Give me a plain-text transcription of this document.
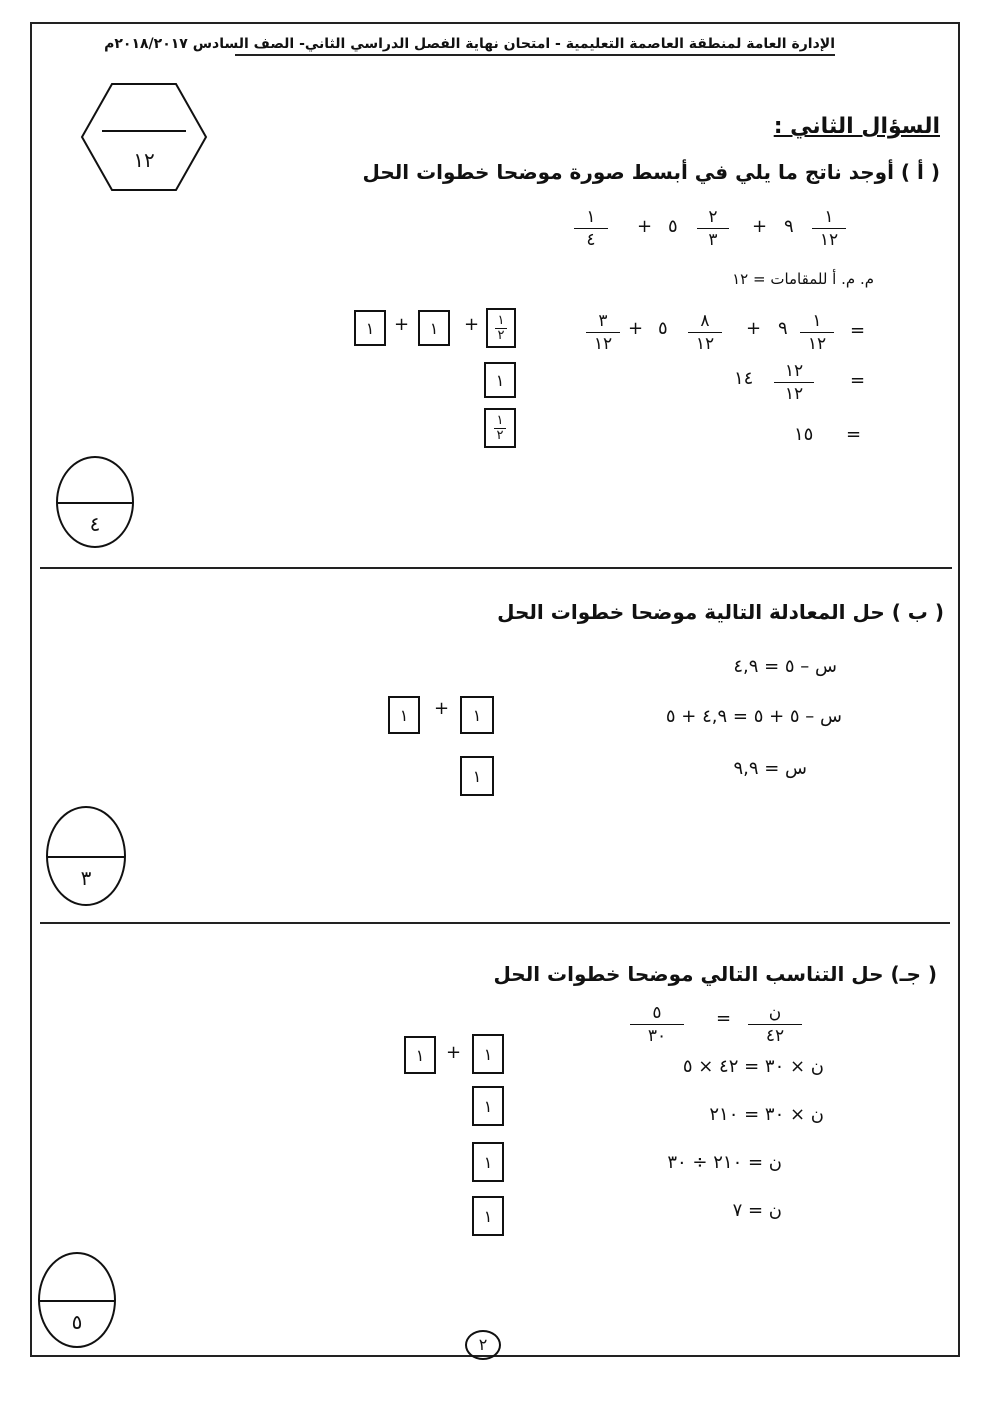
الإدارة العامة لمنطقة العاصمة التعليمية - امتحان نهاية الفصل الدراسي الثاني- الصف السادس ٢٠١٨/٢٠١٧م
١٢
السؤال الثاني :
( أ ) أوجد ناتج ما يلي في أبسط صورة موضحا خطوات الحل
١
١٢
٩
+
٢
٣
٥
+
١
٤
م. م. أ للمقامات = ١٢
=
١
١٢
٩
+
٨
١٢
٥
+
٣
١٢
=
١٢
١٢
١٤
=
١٥
١	+	١	+ ١
٢
١
١
٢
٤
( ب ) حل المعادلة التالية موضحا خطوات الحل
س – ٥ = ٤,٩
س – ٥ + ٥ = ٤,٩ + ٥
س = ٩,٩
١	+	١
١
٣
( جـ) حل التناسب التالي موضحا خطوات الحل
ن
٤٢
=
٥
٣٠
ن × ٣٠ = ٤٢ × ٥
ن × ٣٠ = ٢١٠
ن = ٢١٠ ÷ ٣٠
ن = ٧
١	+	١
١
١
١
٥
٢
